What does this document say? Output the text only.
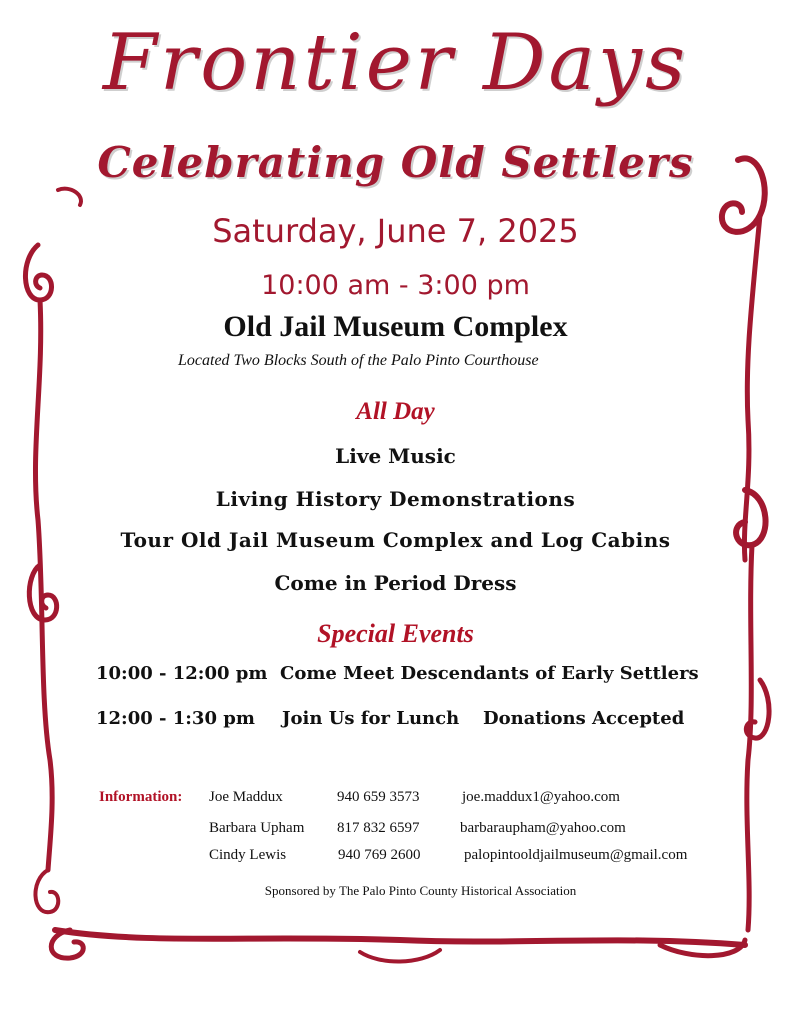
Frontier Days
Celebrating Old Settlers
Saturday, June 7, 2025
10:00 am - 3:00 pm
Old Jail Museum Complex
Located Two Blocks South of the Palo Pinto Courthouse
All Day
Live Music
Living History Demonstrations
Tour Old Jail Museum Complex and Log Cabins
Come in Period Dress
Special Events
10:00 - 12:00 pm Come Meet Descendants of Early Settlers
12:00 - 1:30 pm Join Us for Lunch Donations Accepted
Information: Joe Maddux	940 659 3573	joe.maddux1@yahoo.com
Barbara Upham 817 832 6597	barbaraupham@yahoo.com
Cindy Lewis	940 769 2600	palopintooldjailmuseum@gmail.com
Sponsored by The Palo Pinto County Historical Association
